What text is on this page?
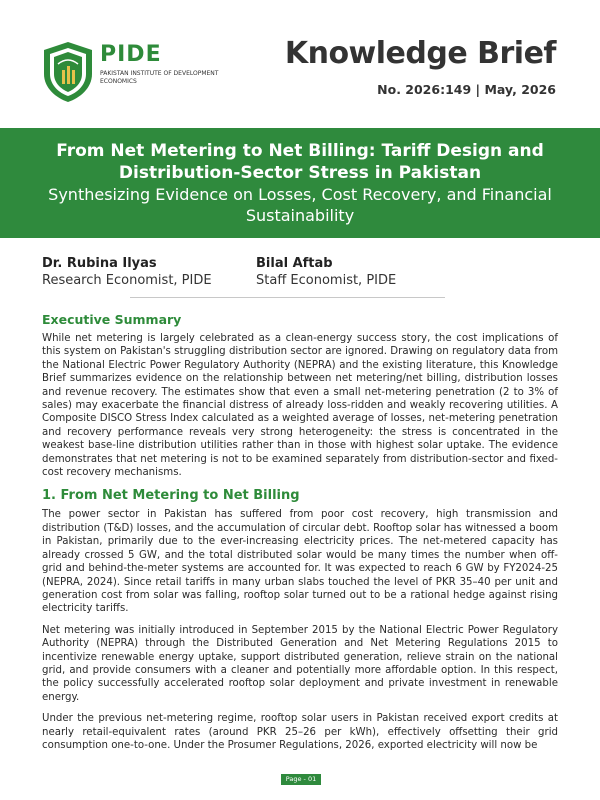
PIDE
PAKISTAN INSTITUTE OF DEVELOPMENT ECONOMICS
Knowledge Brief
No. 2026:149 | May, 2026
From Net Metering to Net Billing: Tariff Design and Distribution-Sector Stress in Pakistan
Synthesizing Evidence on Losses, Cost Recovery, and Financial Sustainability
Dr. Rubina Ilyas
Research Economist, PIDE
Bilal Aftab
Staff Economist, PIDE
Executive Summary

While net metering is largely celebrated as a clean-energy success story, the cost implications of this system on Pakistan's struggling distribution sector are ignored. Drawing on regulatory data from the National Electric Power Regulatory Authority (NEPRA) and the existing literature, this Knowledge Brief summarizes evidence on the relationship between net metering/net billing, distribution losses and revenue recovery. The estimates show that even a small net-metering penetration (2 to 3% of sales) may exacerbate the financial distress of already loss-ridden and weakly recovering utilities. A Composite DISCO Stress Index calculated as a weighted average of losses, net-metering penetration and recovery performance reveals very strong heterogeneity: the stress is concentrated in the weakest base-line distribution utilities rather than in those with highest solar uptake. The evidence demonstrates that net metering is not to be examined separately from distribution-sector and fixed-cost recovery mechanisms.

1. From Net Metering to Net Billing

The power sector in Pakistan has suffered from poor cost recovery, high transmission and distribution (T&D) losses, and the accumulation of circular debt. Rooftop solar has witnessed a boom in Pakistan, primarily due to the ever-increasing electricity prices. The net-metered capacity has already crossed 5 GW, and the total distributed solar would be many times the number when off-grid and behind-the-meter systems are accounted for. It was expected to reach 6 GW by FY2024-25 (NEPRA, 2024). Since retail tariffs in many urban slabs touched the level of PKR 35–40 per unit and generation cost from solar was falling, rooftop solar turned out to be a rational hedge against rising electricity tariffs.

Net metering was initially introduced in September 2015 by the National Electric Power Regulatory Authority (NEPRA) through the Distributed Generation and Net Metering Regulations 2015 to incentivize renewable energy uptake, support distributed generation, relieve strain on the national grid, and provide consumers with a cleaner and potentially more affordable option. In this respect, the policy successfully accelerated rooftop solar deployment and private investment in renewable energy.

Under the previous net-metering regime, rooftop solar users in Pakistan received export credits at nearly retail-equivalent rates (around PKR 25–26 per kWh), effectively offsetting their grid consumption one-to-one. Under the Prosumer Regulations, 2026, exported electricity will now be

Page - 01
